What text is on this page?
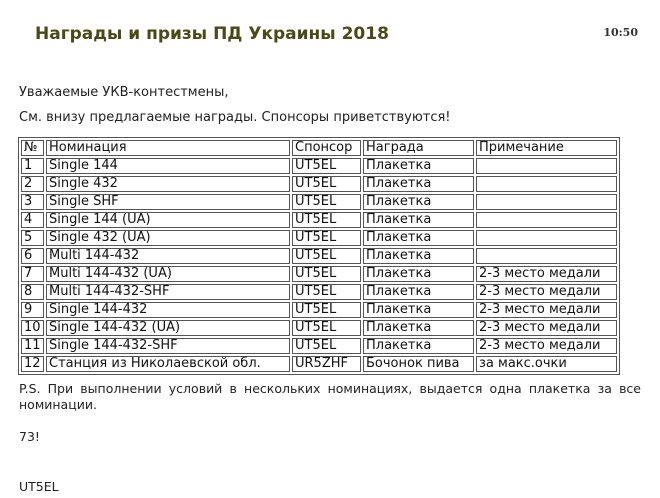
Награды и призы ПД Украины 2018	10:50
Уважаемые УКВ-контестмены,
См. внизу предлагаемые награды. Спонсоры приветствуются!
№	Номинация	Спонсор	Награда	Примечание
1	Single 144	UT5EL	Плакетка	
2	Single 432	UT5EL	Плакетка	
3	Single SHF	UT5EL	Плакетка	
4	Single 144 (UA)	UT5EL	Плакетка	
5	Single 432 (UA)	UT5EL	Плакетка	
6	Multi 144-432	UT5EL	Плакетка	
7	Multi 144-432 (UA)	UT5EL	Плакетка	2-3 место медали
8	Multi 144-432-SHF	UT5EL	Плакетка	2-3 место медали
9	Single 144-432	UT5EL	Плакетка	2-3 место медали
10	Single 144-432 (UA)	UT5EL	Плакетка	2-3 место медали
11	Single 144-432-SHF	UT5EL	Плакетка	2-3 место медали
12	Станция из Николаевской обл.	UR5ZHF	Бочонок пива	за макс.очки
P.S. При выполнении условий в нескольких номинациях, выдается одна плакетка за все номинации.
73!
UT5EL
